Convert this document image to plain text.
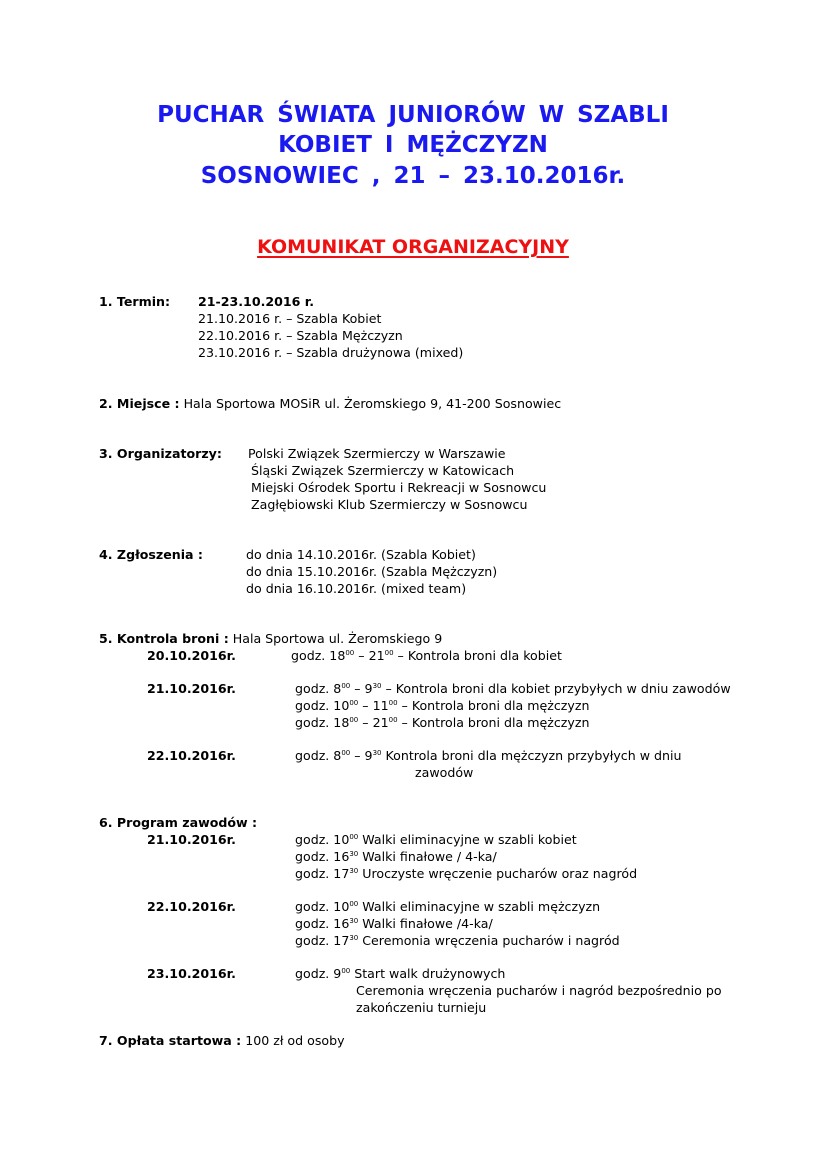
PUCHAR ŚWIATA JUNIORÓW W SZABLI
KOBIET I MĘŻCZYZN
SOSNOWIEC , 21 – 23.10.2016r.
KOMUNIKAT ORGANIZACYJNY
1. Termin: 21-23.10.2016 r.
21.10.2016 r. – Szabla Kobiet
22.10.2016 r. – Szabla Mężczyzn
23.10.2016 r. – Szabla drużynowa (mixed)
2. Miejsce : Hala Sportowa MOSiR ul. Żeromskiego 9, 41-200 Sosnowiec
3. Organizatorzy: Polski Związek Szermierczy w Warszawie
Śląski Związek Szermierczy w Katowicach
Miejski Ośrodek Sportu i Rekreacji w Sosnowcu
Zagłębiowski Klub Szermierczy w Sosnowcu
4. Zgłoszenia :	do dnia 14.10.2016r. (Szabla Kobiet)
do dnia 15.10.2016r. (Szabla Mężczyzn)
do dnia 16.10.2016r. (mixed team)
5. Kontrola broni : Hala Sportowa ul. Żeromskiego 9
20.10.2016r.	godz. $18^{00} - 21^{00}$ – Kontrola broni dla kobiet
21.10.2016r.	godz. $8^{00} - 9^{30}$ – Kontrola broni dla kobiet przybyłych w dniu zawodów
godz. $10^{00} - 11^{00}$ – Kontrola broni dla mężczyzn
godz. $18^{00} - 21^{00}$ – Kontrola broni dla mężczyzn
22.10.2016r.	godz. $8^{00} - 9^{30}$ Kontrola broni dla mężczyzn przybyłych w dniu
zawodów
6. Program zawodów :
21.10.2016r.	godz. $10^{00}$ Walki eliminacyjne w szabli kobiet
godz. $16^{30}$ Walki finałowe / 4-ka/
godz. $17^{30}$ Uroczyste wręczenie pucharów oraz nagród
22.10.2016r.	godz. $10^{00}$ Walki eliminacyjne w szabli mężczyzn
godz. $16^{30}$ Walki finałowe /4-ka/
godz. $17^{30}$ Ceremonia wręczenia pucharów i nagród
23.10.2016r.	godz. $9^{00}$ Start walk drużynowych
Ceremonia wręczenia pucharów i nagród bezpośrednio po
zakończeniu turnieju
7. Opłata startowa : 100 zł od osoby
